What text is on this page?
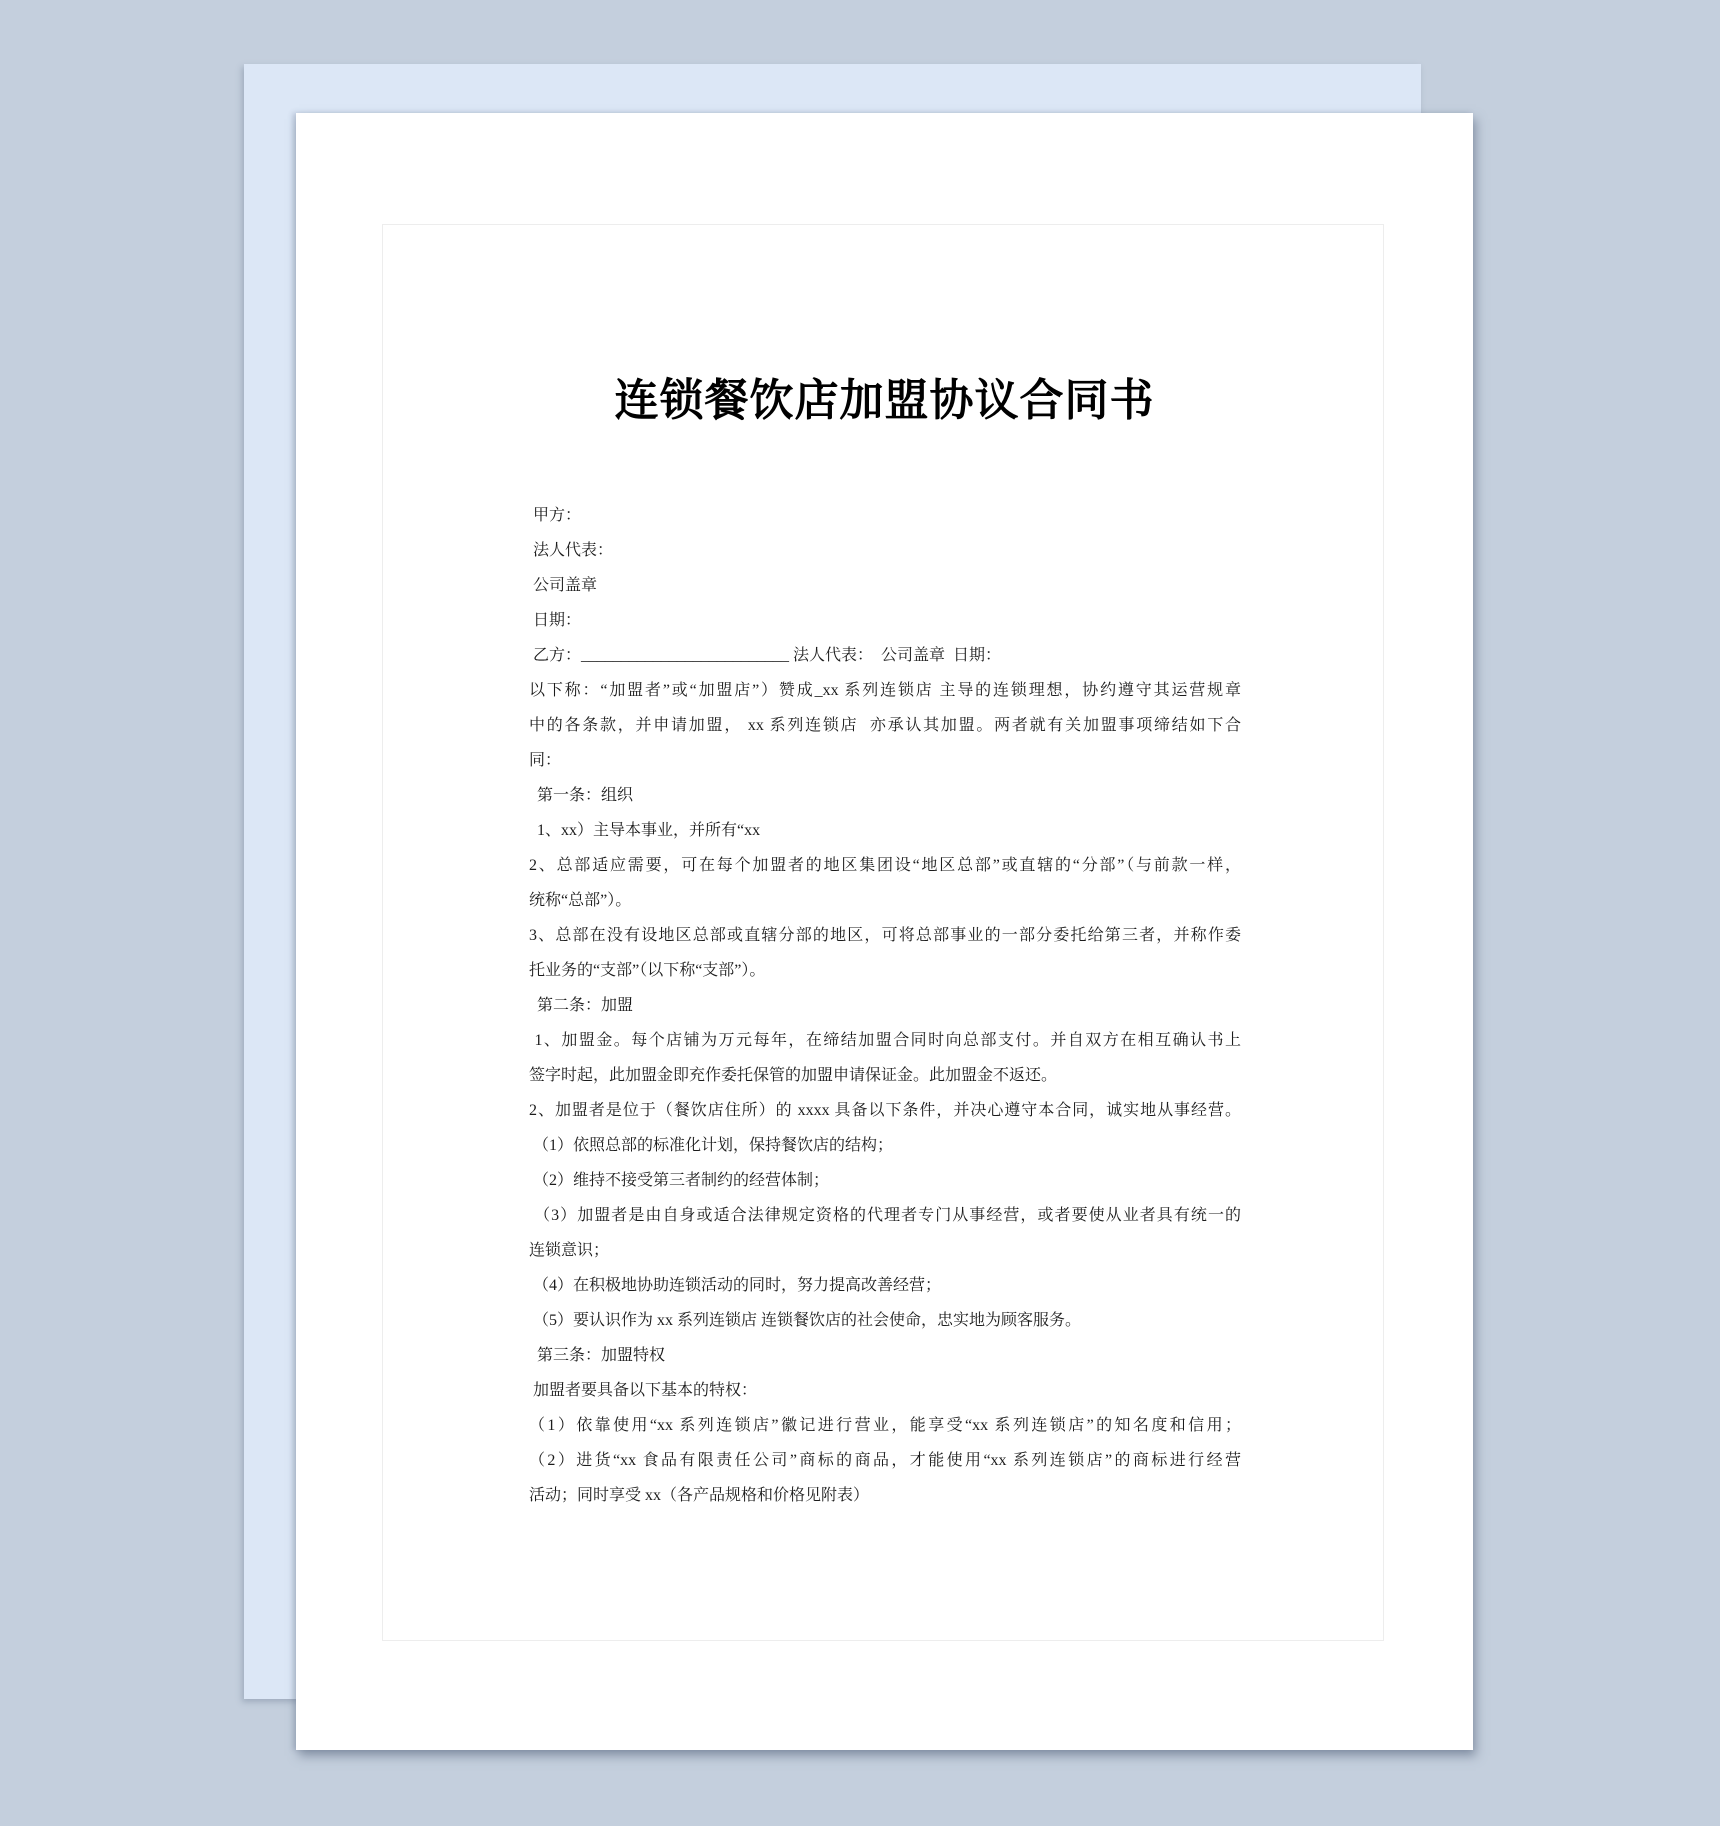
连锁餐饮店加盟协议合同书
甲方：
法人代表：
公司盖章
日期：
乙方：__________________________ 法人代表：  公司盖章  日期：
以下称：“加盟者”或“加盟店”）赞成_xx 系列连锁店 主导的连锁理想，协约遵守其运营规章
中的各条款，并申请加盟， xx 系列连锁店  亦承认其加盟。两者就有关加盟事项缔结如下合
同：
第一条：组织
1、xx）主导本事业，并所有“xx
2、总部适应需要，可在每个加盟者的地区集团设“地区总部”或直辖的“分部”（与前款一样，
统称“总部”）。
3、总部在没有设地区总部或直辖分部的地区，可将总部事业的一部分委托给第三者，并称作委
托业务的“支部”（以下称“支部”）。
第二条：加盟
1、加盟金。每个店铺为万元每年，在缔结加盟合同时向总部支付。并自双方在相互确认书上
签字时起，此加盟金即充作委托保管的加盟申请保证金。此加盟金不返还。
2、加盟者是位于（餐饮店住所）的 xxxx 具备以下条件，并决心遵守本合同，诚实地从事经营。
（1）依照总部的标准化计划，保持餐饮店的结构；
（2）维持不接受第三者制约的经营体制；
（3）加盟者是由自身或适合法律规定资格的代理者专门从事经营，或者要使从业者具有统一的
连锁意识；
（4）在积极地协助连锁活动的同时，努力提高改善经营；
（5）要认识作为 xx 系列连锁店 连锁餐饮店的社会使命，忠实地为顾客服务。
第三条：加盟特权
加盟者要具备以下基本的特权：
（1）依靠使用“xx 系列连锁店”徽记进行营业，能享受“xx 系列连锁店”的知名度和信用；
（2）进货“xx 食品有限责任公司”商标的商品，才能使用“xx 系列连锁店”的商标进行经营
活动；同时享受 xx（各产品规格和价格见附表）
